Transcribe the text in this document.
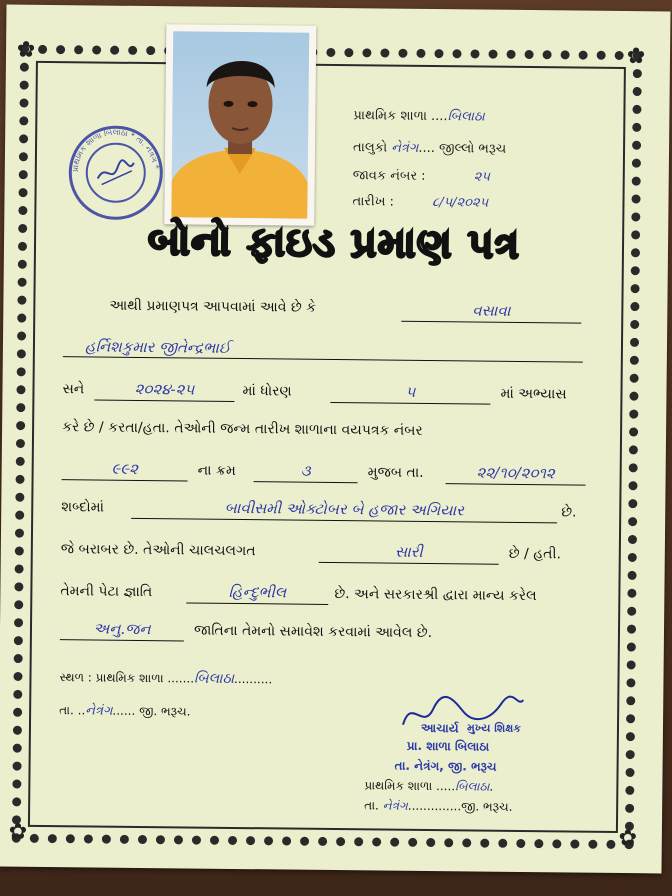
✿	✿
✿	✿
પ્રાથમિક શાળા બિલાઠા * તા. નેત્રંગ *
પ્રાથમિક શાળા ....બિલાઠા
તાલુકો નેત્રંગ.... જીલ્લો ભરૂચ
જાવક નંબર :	૨૫
તારીખ :	૮/૫/૨૦૨૫
બોનો ફાઇડ પ્રમાણ પત્ર
આથી પ્રમાણપત્ર આપવામાં આવે છે કે	વસાવા
હર્નિશકુમાર જીતેન્દ્રભાઈ
સને	૨૦૨૪-૨૫	માં ધોરણ	૫	માં અભ્યાસ
કરે છે / કરતા/હતા. તેઓની જન્મ તારીખ શાળાના વયપત્રક નંબર
૯૯૨	ના ક્રમ	૩	મુજબ તા.	૨૨/૧૦/૨૦૧૨
શબ્દોમાં	બાવીસમી ઓક્ટોબર બે હજાર અગિયાર	છે.
જે બરાબર છે. તેઓની ચાલચલગત	સારી	છે / હતી.
તેમની પેટા જ્ઞાતિ	હિન્દુભીલ	છે. અને સરકારશ્રી દ્વારા માન્ય કરેલ
અનુ.જન	જાતિના તેમનો સમાવેશ કરવામાં આવેલ છે.
સ્થળ : પ્રાથમિક શાળા .......બિલાઠા..........
તા. ..નેત્રંગ...... જી. ભરૂચ.
આચાર્ય મુખ્ય શિક્ષક
પ્રા. શાળા બિલાઠા
તા. નેત્રંગ, જી. ભરૂચ
પ્રાથમિક શાળા .....બિલાઠા.
તા. નેત્રંગ..............જી. ભરૂચ.
